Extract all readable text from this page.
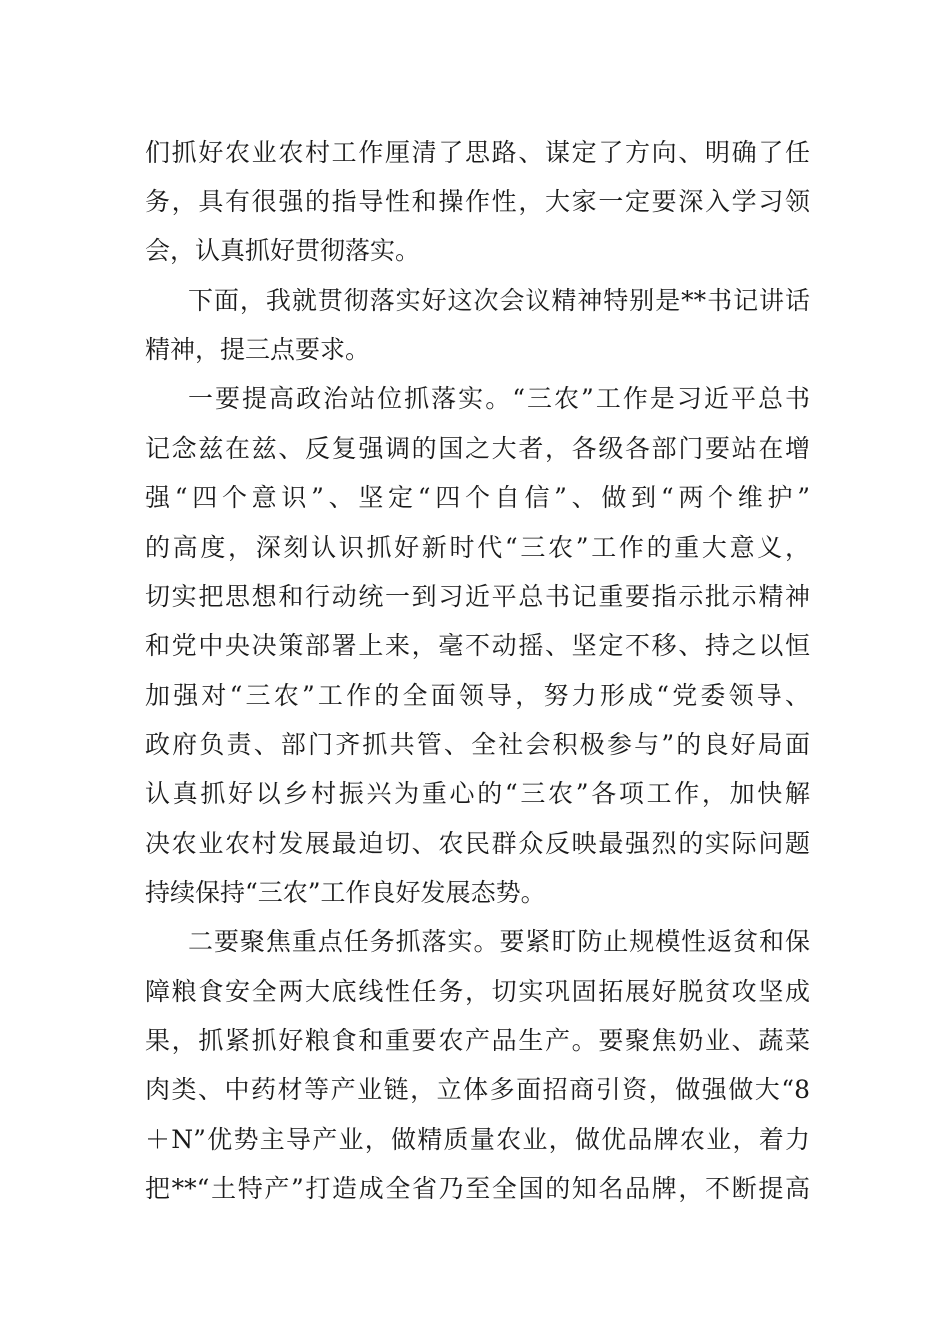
们抓好农业农村工作厘清了思路、谋定了方向、明确了任
务，具有很强的指导性和操作性，大家一定要深入学习领
会，认真抓好贯彻落实。
下面，我就贯彻落实好这次会议精神特别是**书记讲话
精神，提三点要求。
一要提高政治站位抓落实。“三农”工作是习近平总书
记念兹在兹、反复强调的国之大者，各级各部门要站在增
强“四个意识”、坚定“四个自信”、做到“两个维护”
的高度，深刻认识抓好新时代“三农”工作的重大意义，
切实把思想和行动统一到习近平总书记重要指示批示精神
和党中央决策部署上来，毫不动摇、坚定不移、持之以恒
加强对“三农”工作的全面领导，努力形成“党委领导、
政府负责、部门齐抓共管、全社会积极参与”的良好局面
认真抓好以乡村振兴为重心的“三农”各项工作，加快解
决农业农村发展最迫切、农民群众反映最强烈的实际问题
持续保持“三农”工作良好发展态势。
二要聚焦重点任务抓落实。要紧盯防止规模性返贫和保
障粮食安全两大底线性任务，切实巩固拓展好脱贫攻坚成
果，抓紧抓好粮食和重要农产品生产。要聚焦奶业、蔬菜
肉类、中药材等产业链，立体多面招商引资，做强做大“8
＋N”优势主导产业，做精质量农业，做优品牌农业，着力
把**“土特产”打造成全省乃至全国的知名品牌，不断提高
